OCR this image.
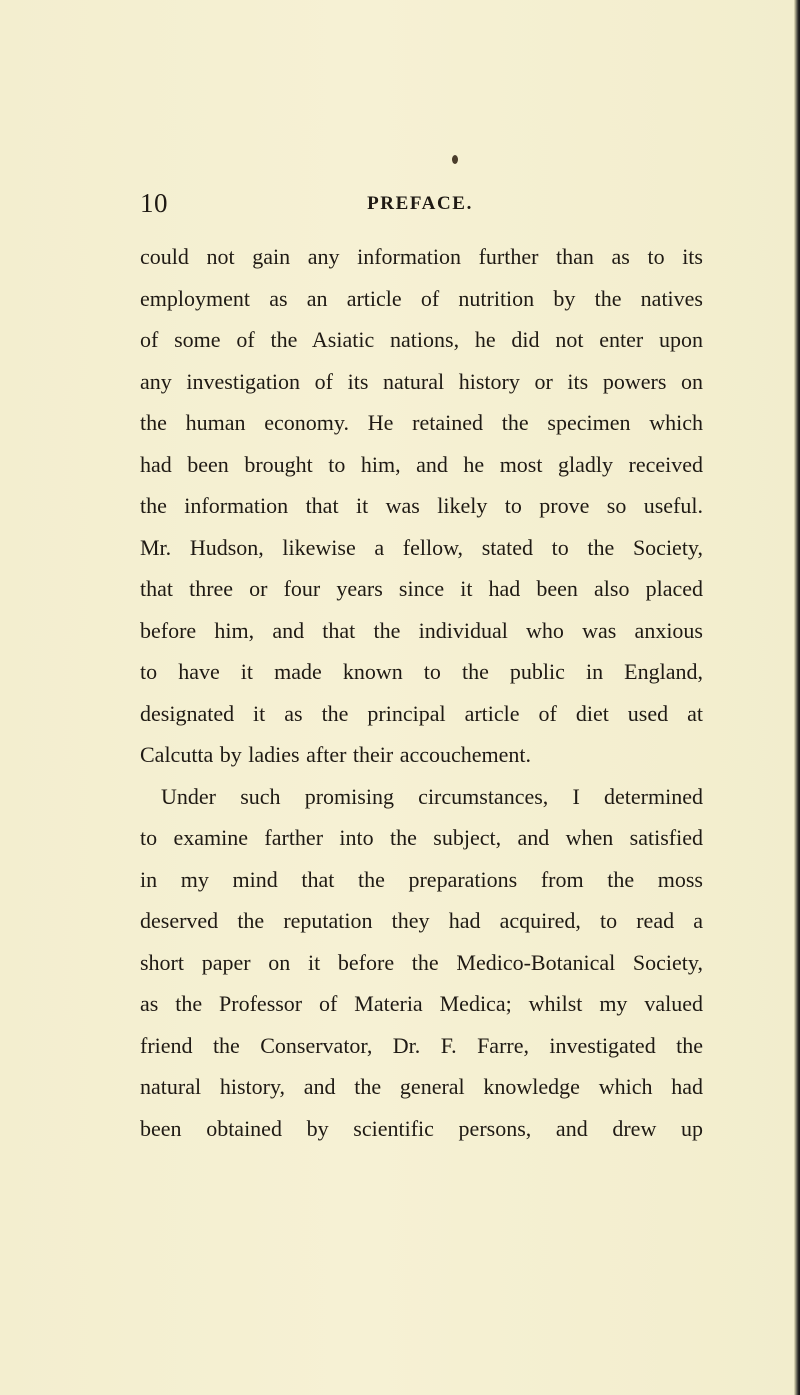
10	PREFACE.
could not gain any information further than as to its
employment as an article of nutrition by the natives
of some of the Asiatic nations, he did not enter upon
any investigation of its natural history or its powers on
the human economy. He retained the specimen which
had been brought to him, and he most gladly received
the information that it was likely to prove so useful.
Mr. Hudson, likewise a fellow, stated to the Society,
that three or four years since it had been also placed
before him, and that the individual who was anxious
to have it made known to the public in England,
designated it as the principal article of diet used at
Calcutta by ladies after their accouchement.
Under such promising circumstances, I determined
to examine farther into the subject, and when satisfied
in my mind that the preparations from the moss
deserved the reputation they had acquired, to read a
short paper on it before the Medico-Botanical Society,
as the Professor of Materia Medica; whilst my valued
friend the Conservator, Dr. F. Farre, investigated the
natural history, and the general knowledge which had
been obtained by scientific persons, and drew up
